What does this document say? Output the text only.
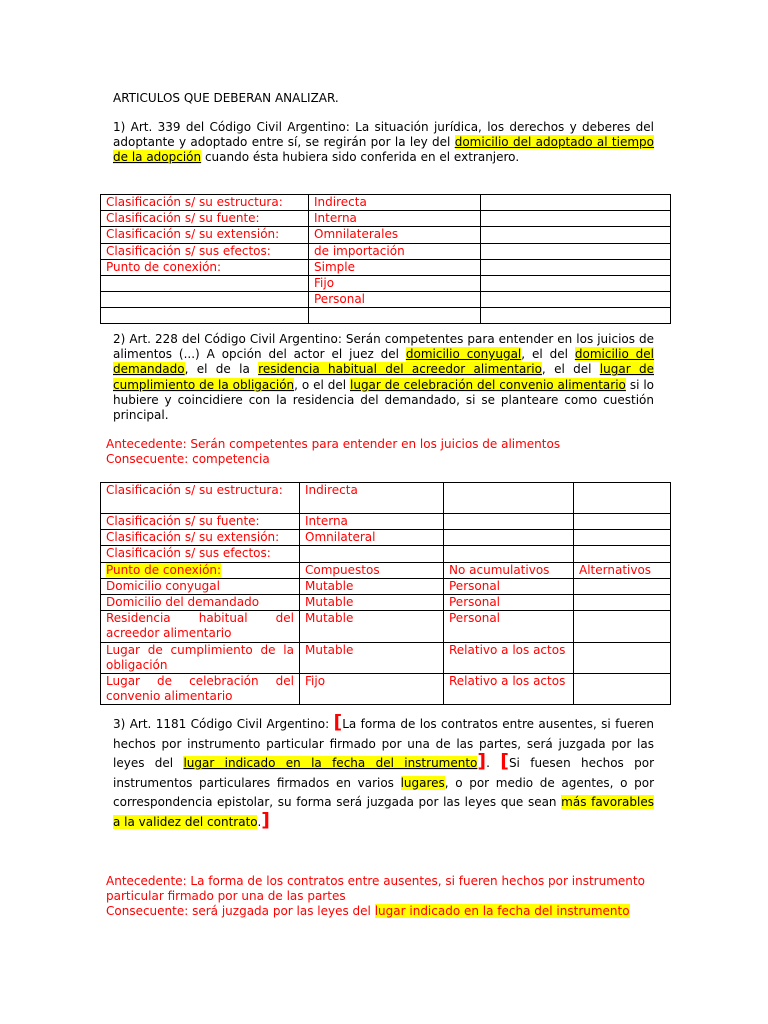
ARTICULOS QUE DEBERAN ANALIZAR.
1) Art. 339 del Código Civil Argentino: La situación jurídica, los derechos y deberes del adoptante y adoptado entre sí, se regirán por la ley del domicilio del adoptado al tiempo de la adopción cuando ésta hubiera sido conferida en el extranjero.
Clasificación s/ su estructura:	Indirecta	
Clasificación s/ su fuente:	Interna	
Clasificación s/ su extensión:	Omnilaterales	
Clasificación s/ sus efectos:	de importación	
Punto de conexión:	Simple	
	Fijo	
	Personal	

2) Art. 228 del Código Civil Argentino: Serán competentes para entender en los juicios de alimentos (...) A opción del actor el juez del domicilio conyugal, el del domicilio del demandado, el de la residencia habitual del acreedor alimentario, el del lugar de cumplimiento de la obligación, o el del lugar de celebración del convenio alimentario si lo hubiere y coincidiere con la residencia del demandado, si se planteare como cuestión principal.
Antecedente: Serán competentes para entender en los juicios de alimentos
Consecuente: competencia
Clasificación s/ su estructura:	Indirecta		
Clasificación s/ su fuente:	Interna		
Clasificación s/ su extensión:	Omnilateral		
Clasificación s/ sus efectos:			
Punto de conexión:	Compuestos	No acumulativos	Alternativos
Domicilio conyugal	Mutable	Personal	
Domicilio del demandado	Mutable	Personal	
Residencia habitual del acreedor alimentario	Mutable	Personal	
Lugar de cumplimiento de la obligación	Mutable	Relativo a los actos	
Lugar de celebración del convenio alimentario	Fijo	Relativo a los actos	
3) Art. 1181 Código Civil Argentino: [La forma de los contratos entre ausentes, si fueren hechos por instrumento particular firmado por una de las partes, será juzgada por las leyes del lugar indicado en la fecha del instrumento]. [Si fuesen hechos por instrumentos particulares firmados en varios lugares, o por medio de agentes, o por correspondencia epistolar, su forma será juzgada por las leyes que sean más favorables a la validez del contrato.]
Antecedente: La forma de los contratos entre ausentes, si fueren hechos por instrumento particular firmado por una de las partes
Consecuente: será juzgada por las leyes del lugar indicado en la fecha del instrumento
